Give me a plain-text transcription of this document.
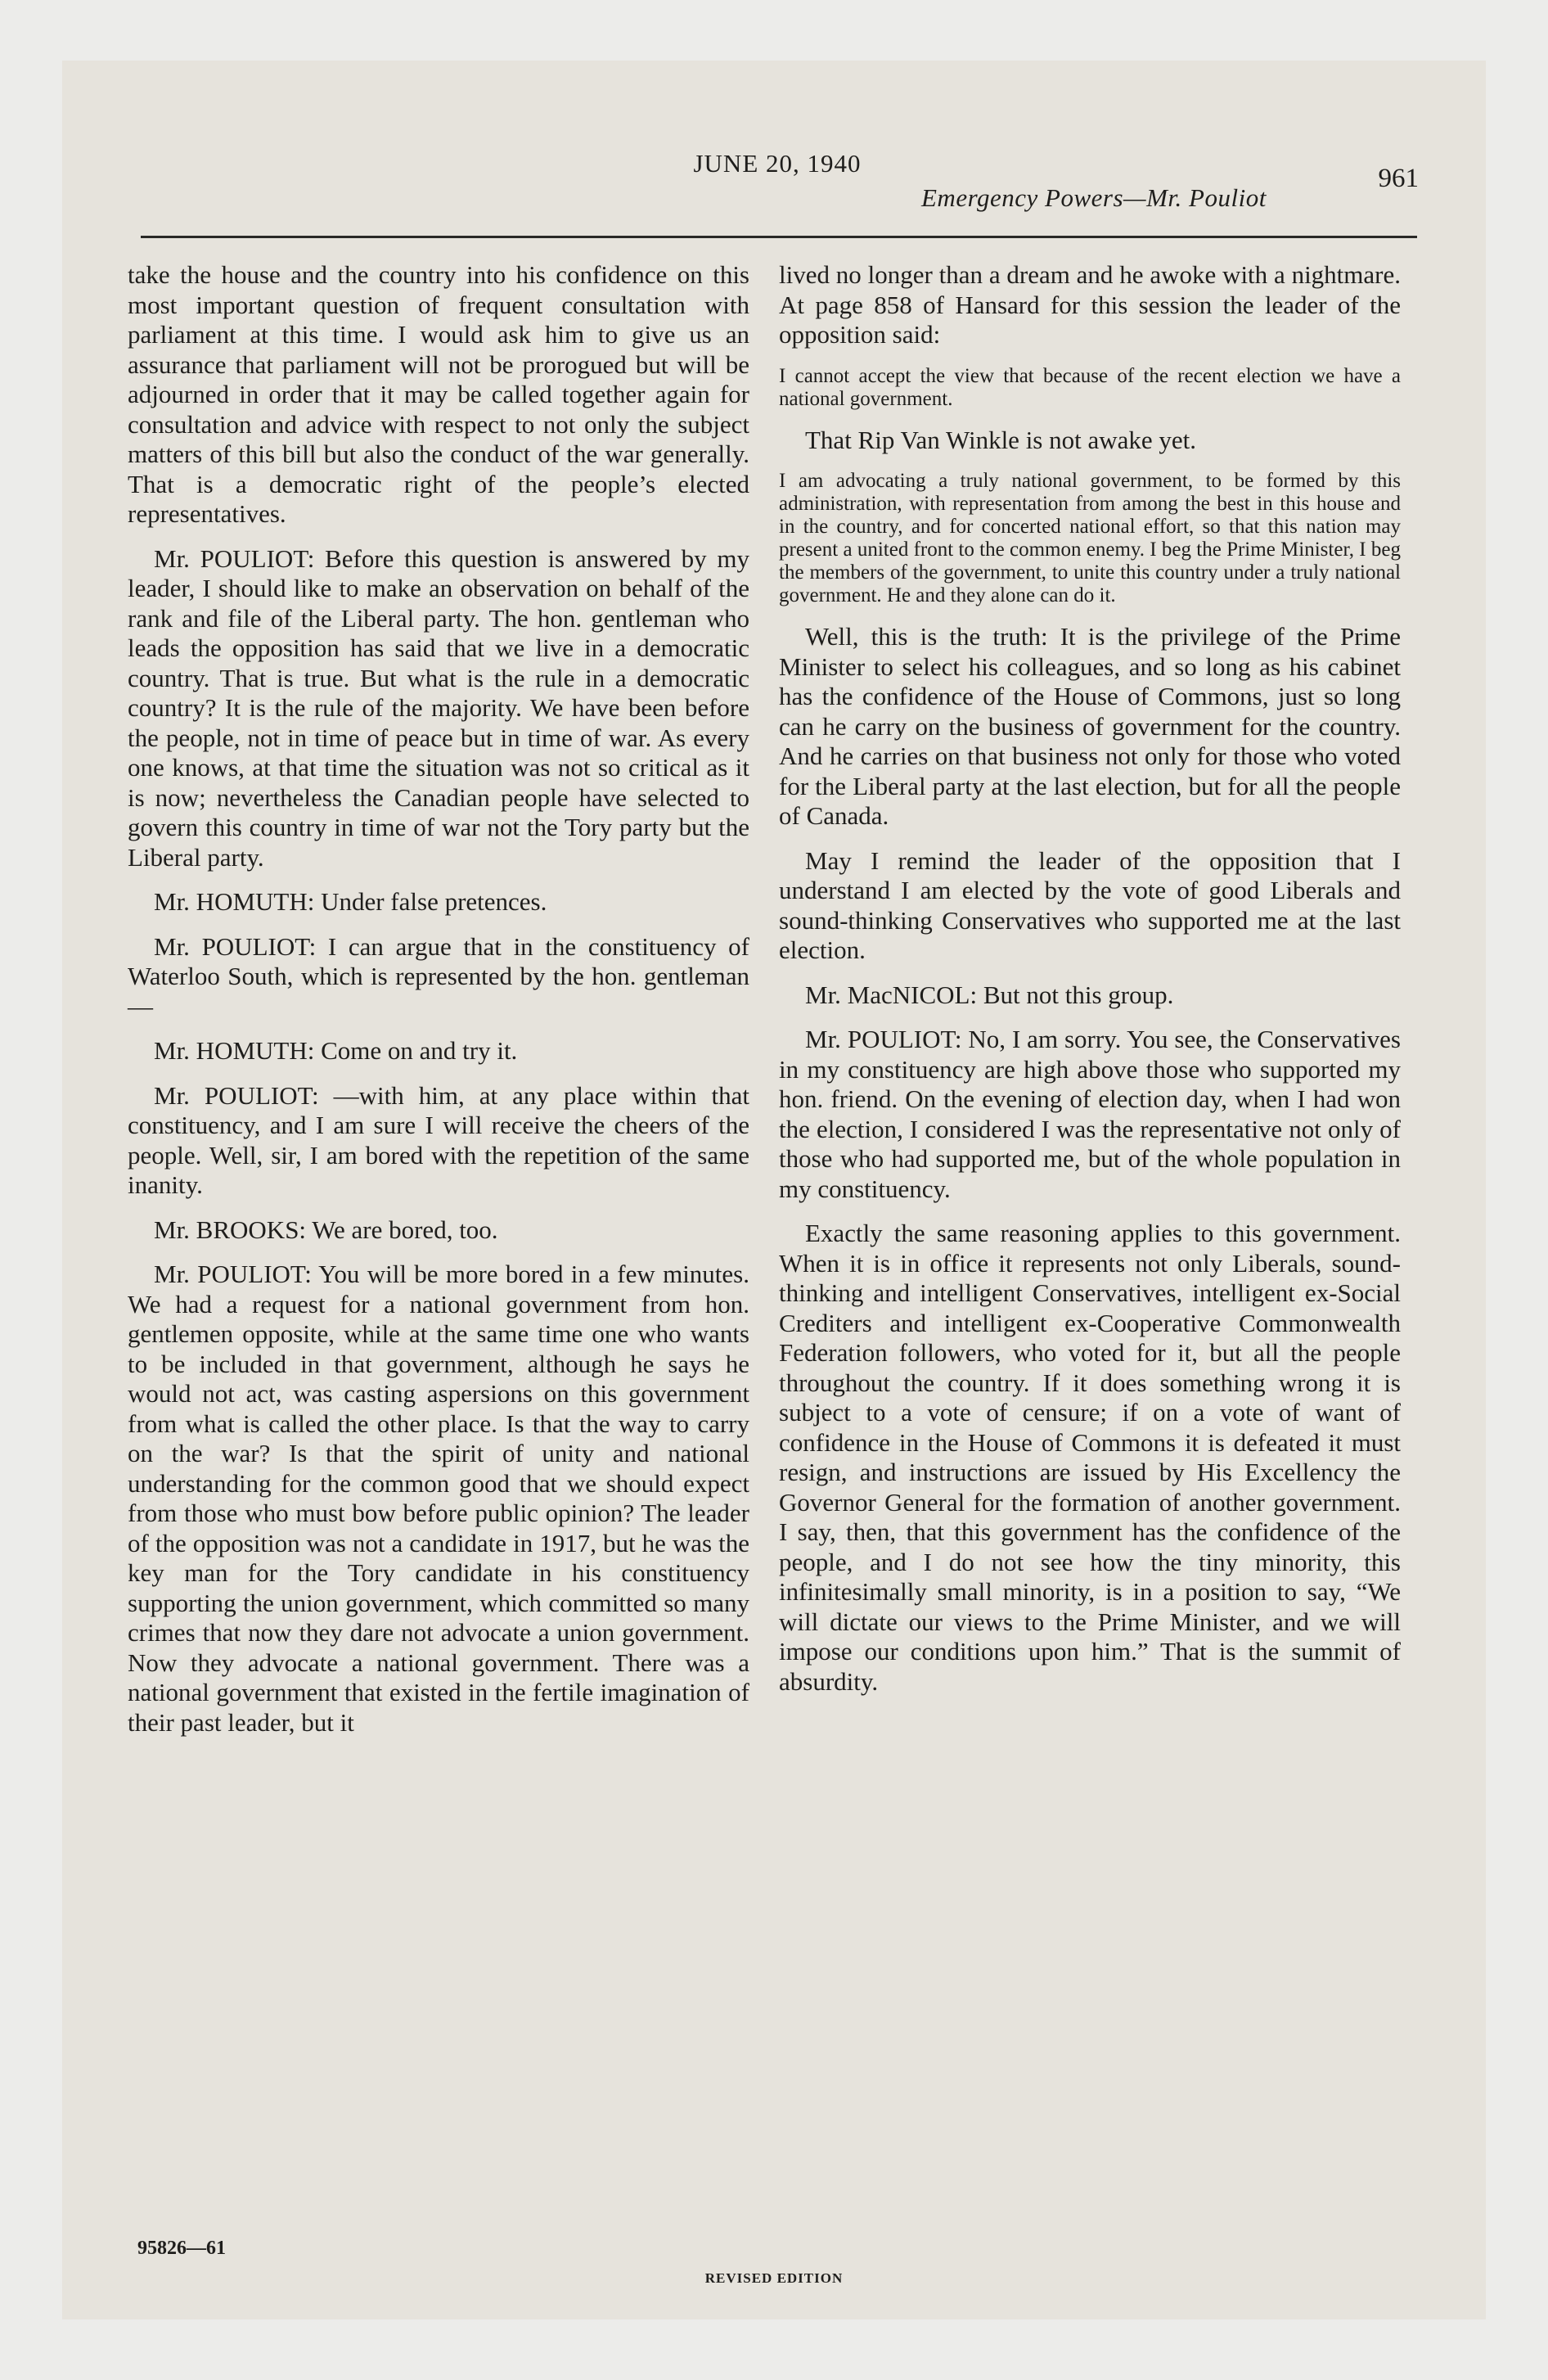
JUNE 20, 1940
Emergency Powers—Mr. Pouliot
961

take the house and the country into his confidence on this most important question of frequent consultation with parliament at this time. I would ask him to give us an assurance that parliament will not be prorogued but will be adjourned in order that it may be called together again for consultation and advice with respect to not only the subject matters of this bill but also the conduct of the war generally. That is a democratic right of the people’s elected representatives.

Mr. POULIOT: Before this question is answered by my leader, I should like to make an observation on behalf of the rank and file of the Liberal party. The hon. gentleman who leads the opposition has said that we live in a democratic country. That is true. But what is the rule in a democratic country? It is the rule of the majority. We have been before the people, not in time of peace but in time of war. As every one knows, at that time the situation was not so critical as it is now; nevertheless the Canadian people have selected to govern this country in time of war not the Tory party but the Liberal party.

Mr. HOMUTH: Under false pretences.

Mr. POULIOT: I can argue that in the constituency of Waterloo South, which is represented by the hon. gentleman—

Mr. HOMUTH: Come on and try it.

Mr. POULIOT: —with him, at any place within that constituency, and I am sure I will receive the cheers of the people. Well, sir, I am bored with the repetition of the same inanity.

Mr. BROOKS: We are bored, too.

Mr. POULIOT: You will be more bored in a few minutes. We had a request for a national government from hon. gentlemen opposite, while at the same time one who wants to be included in that government, although he says he would not act, was casting aspersions on this government from what is called the other place. Is that the way to carry on the war? Is that the spirit of unity and national understanding for the common good that we should expect from those who must bow before public opinion? The leader of the opposition was not a candidate in 1917, but he was the key man for the Tory candidate in his constituency supporting the union government, which committed so many crimes that now they dare not advocate a union government. Now they advocate a national government. There was a national government that existed in the fertile imagination of their past leader, but it

lived no longer than a dream and he awoke with a nightmare. At page 858 of Hansard for this session the leader of the opposition said:

I cannot accept the view that because of the recent election we have a national government.

That Rip Van Winkle is not awake yet.

I am advocating a truly national government, to be formed by this administration, with representation from among the best in this house and in the country, and for concerted national effort, so that this nation may present a united front to the common enemy. I beg the Prime Minister, I beg the members of the government, to unite this country under a truly national government. He and they alone can do it.

Well, this is the truth: It is the privilege of the Prime Minister to select his colleagues, and so long as his cabinet has the confidence of the House of Commons, just so long can he carry on the business of government for the country. And he carries on that business not only for those who voted for the Liberal party at the last election, but for all the people of Canada.

May I remind the leader of the opposition that I understand I am elected by the vote of good Liberals and sound-thinking Conservatives who supported me at the last election.

Mr. MacNICOL: But not this group.

Mr. POULIOT: No, I am sorry. You see, the Conservatives in my constituency are high above those who supported my hon. friend. On the evening of election day, when I had won the election, I considered I was the representative not only of those who had supported me, but of the whole population in my constituency.

Exactly the same reasoning applies to this government. When it is in office it represents not only Liberals, sound-thinking and intelligent Conservatives, intelligent ex-Social Crediters and intelligent ex-Cooperative Commonwealth Federation followers, who voted for it, but all the people throughout the country. If it does something wrong it is subject to a vote of censure; if on a vote of want of confidence in the House of Commons it is defeated it must resign, and instructions are issued by His Excellency the Governor General for the formation of another government. I say, then, that this government has the confidence of the people, and I do not see how the tiny minority, this infinitesimally small minority, is in a position to say, “We will dictate our views to the Prime Minister, and we will impose our conditions upon him.” That is the summit of absurdity.

95826—61
REVISED EDITION
